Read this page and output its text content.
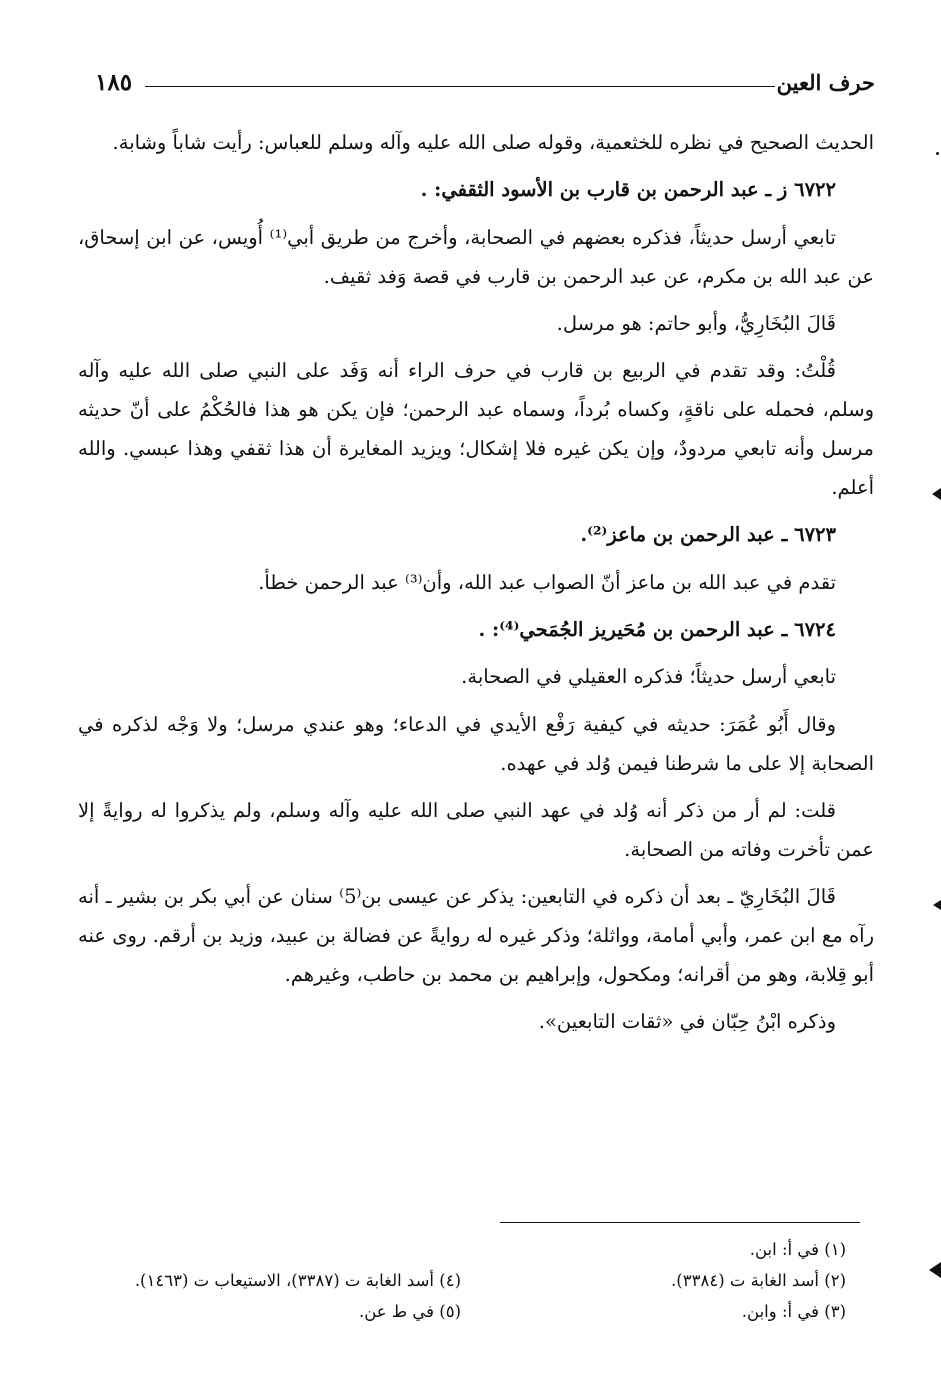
١٨٥	حرف العين

الحديث الصحيح في نظره للخثعمية، وقوله صلى الله عليه وآله وسلم للعباس: رأيت شاباً وشابة.

٦٧٢٢ ز ـ عبد الرحمن بن قارب بن الأسود الثقفي: .

تابعي أرسل حديثاً، فذكره بعضهم في الصحابة، وأخرج من طريق أبي⁽¹⁾ أُويس، عن ابن إسحاق، عن عبد الله بن مكرم، عن عبد الرحمن بن قارب في قصة وَفد ثقيف.

قَالَ البُخَارِيُّ، وأبو حاتم: هو مرسل.

قُلْتُ: وقد تقدم في الربيع بن قارب في حرف الراء أنه وَفَد على النبي صلى الله عليه وآله وسلم، فحمله على ناقةٍ، وكساه بُرداً، وسماه عبد الرحمن؛ فإن يكن هو هذا فالحُكْمُ على أنّ حديثه مرسل وأنه تابعي مردودٌ، وإن يكن غيره فلا إشكال؛ ويزيد المغايرة أن هذا ثقفي وهذا عبسي. والله أعلم.

٦٧٢٣ ـ عبد الرحمن بن ماعز⁽²⁾.

تقدم في عبد الله بن ماعز أنّ الصواب عبد الله، وأن⁽³⁾ عبد الرحمن خطأ.

٦٧٢٤ ـ عبد الرحمن بن مُحَيريز الجُمَحي⁽⁴⁾: .

تابعي أرسل حديثاً؛ فذكره العقيلي في الصحابة.

وقال أَبُو عُمَرَ: حديثه في كيفية رَفْع الأيدي في الدعاء؛ وهو عندي مرسل؛ ولا وَجْه لذكره في الصحابة إلا على ما شرطنا فيمن وُلد في عهده.

قلت: لم أر من ذكر أنه وُلد في عهد النبي صلى الله عليه وآله وسلم، ولم يذكروا له روايةً إلا عمن تأخرت وفاته من الصحابة.

قَالَ البُخَارِيّ ـ بعد أن ذكره في التابعين: يذكر عن عيسى بن⁽5⁾ سنان عن أبي بكر بن بشير ـ أنه رآه مع ابن عمر، وأبي أمامة، وواثلة؛ وذكر غيره له روايةً عن فضالة بن عبيد، وزيد بن أرقم. روى عنه أبو قِلابة، وهو من أقرانه؛ ومكحول، وإبراهيم بن محمد بن حاطب، وغيرهم.

وذكره ابْنُ حِبّان في «ثقات التابعين».

(١) في أ: ابن.
(٢) أسد الغابة ت (٣٣٨٤).
(٤) أسد الغابة ت (٣٣٨٧)، الاستيعاب ت (١٤٦٣).
(٣) في أ: وابن.
(٥) في ط عن.
